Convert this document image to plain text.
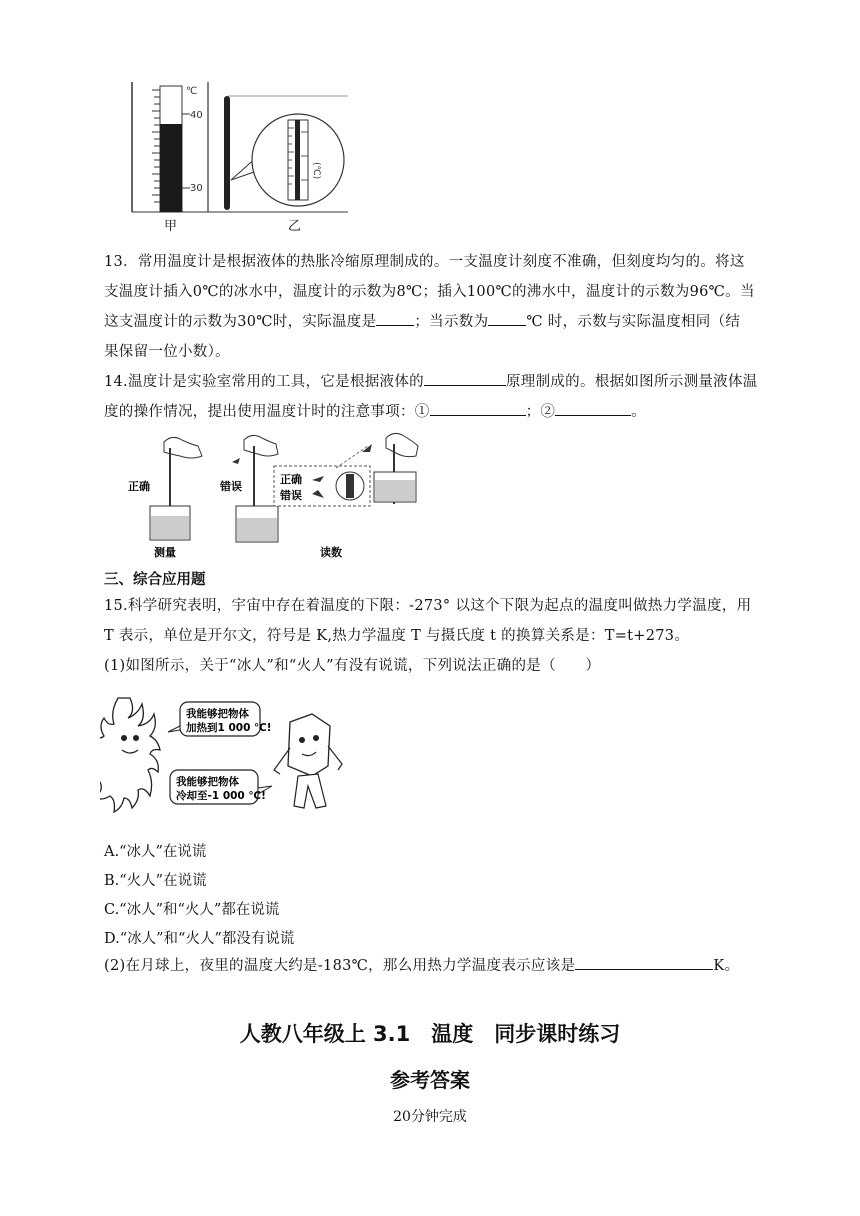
℃
40
30
(℃)
甲	乙
13．常用温度计是根据液体的热胀冷缩原理制成的。一支温度计刻度不准确，但刻度均匀的。将这
支温度计插入0℃的冰水中，温度计的示数为8℃；插入100℃的沸水中，温度计的示数为96℃。当
这支温度计的示数为30℃时，实际温度是	；当示数为	℃ 时，示数与实际温度相同（结
果保留一位小数）。
14.温度计是实验室常用的工具，它是根据液体的	原理制成的。根据如图所示测量液体温
度的操作情况，提出使用温度计时的注意事项：①	；②	。
正确
测量
错误
正确
错误
读数
三、综合应用题
15.科学研究表明，宇宙中存在着温度的下限：-273° 以这个下限为起点的温度叫做热力学温度，用
T 表示，单位是开尔文，符号是 K,热力学温度 T 与摄氏度 t 的换算关系是：T=t+273。
(1)如图所示，关于“冰人”和“火人”有没有说谎，下列说法正确的是（　　）
我能够把物体
加热到1 000 ℃!
我能够把物体
冷却至-1 000 ℃!
A.“冰人”在说谎
B.“火人”在说谎
C.“冰人”和“火人”都在说谎
D.“冰人”和“火人”都没有说谎
(2)在月球上，夜里的温度大约是-183℃，那么用热力学温度表示应该是	K。
人教八年级上 3.1　温度　同步课时练习
参考答案
20分钟完成
